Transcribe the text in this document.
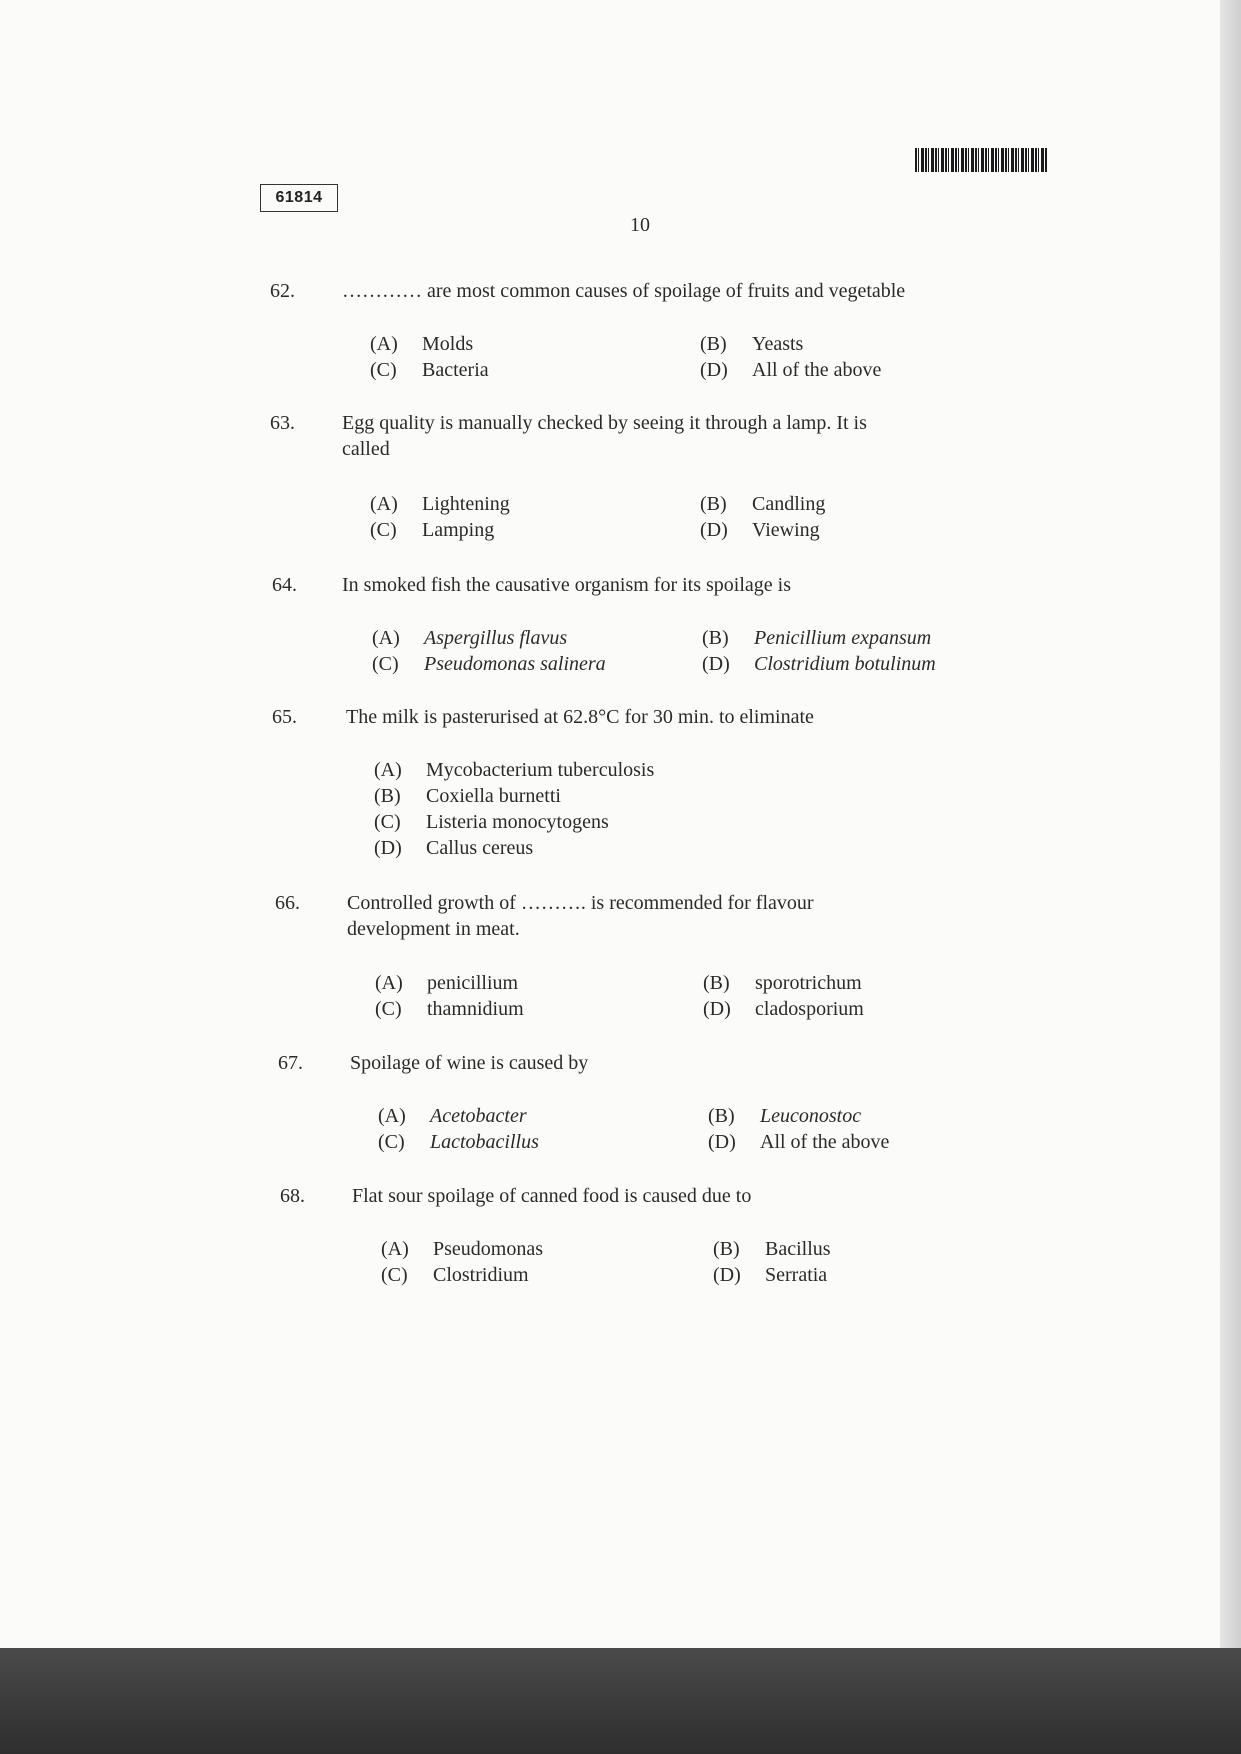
61814
10
62. ………… are most common causes of spoilage of fruits and vegetable
(A) Molds	(B) Yeasts
(C) Bacteria	(D) All of the above
63. Egg quality is manually checked by seeing it through a lamp. It is
called
(A) Lightening	(B) Candling
(C) Lamping	(D) Viewing
64. In smoked fish the causative organism for its spoilage is
(A) Aspergillus flavus	(B) Penicillium expansum
(C) Pseudomonas salinera	(D) Clostridium botulinum
65. The milk is pasterurised at 62.8°C for 30 min. to eliminate
(A) Mycobacterium tuberculosis
(B) Coxiella burnetti
(C) Listeria monocytogens
(D) Callus cereus
66. Controlled growth of ………. is recommended for flavour
development in meat.
(A) penicillium	(B) sporotrichum
(C) thamnidium	(D) cladosporium
67. Spoilage of wine is caused by
(A) Acetobacter	(B) Leuconostoc
(C) Lactobacillus	(D) All of the above
68. Flat sour spoilage of canned food is caused due to
(A) Pseudomonas	(B) Bacillus
(C) Clostridium	(D) Serratia
